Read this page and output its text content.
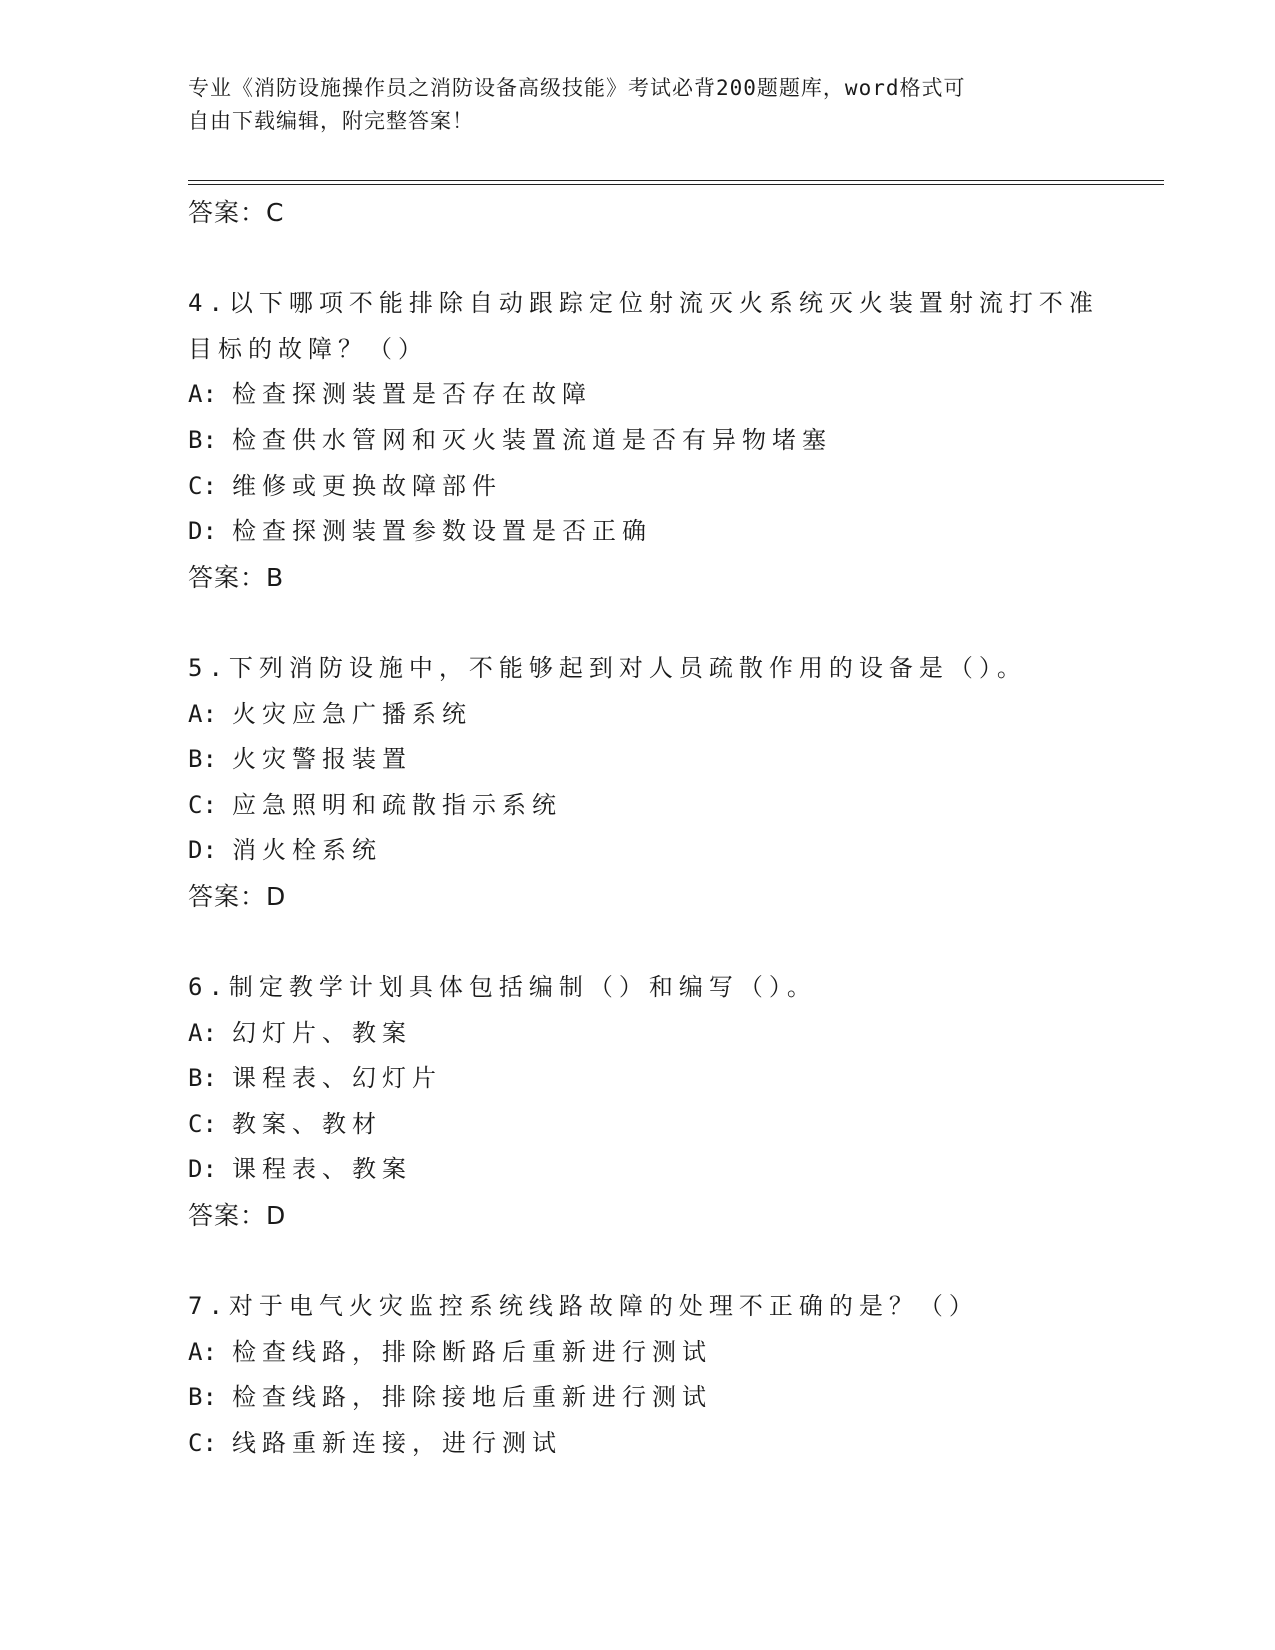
专业《消防设施操作员之消防设备高级技能》考试必背200题题库，word格式可
自由下载编辑，附完整答案！
答案：C
4.以下哪项不能排除自动跟踪定位射流灭火系统灭火装置射流打不准
目标的故障？（）
A: 检查探测装置是否存在故障
B: 检查供水管网和灭火装置流道是否有异物堵塞
C: 维修或更换故障部件
D: 检查探测装置参数设置是否正确
答案：B
5.下列消防设施中，不能够起到对人员疏散作用的设备是（）。
A: 火灾应急广播系统
B: 火灾警报装置
C: 应急照明和疏散指示系统
D: 消火栓系统
答案：D
6.制定教学计划具体包括编制（）和编写（）。
A: 幻灯片、教案
B: 课程表、幻灯片
C: 教案、教材
D: 课程表、教案
答案：D
7.对于电气火灾监控系统线路故障的处理不正确的是？（）
A: 检查线路，排除断路后重新进行测试
B: 检查线路，排除接地后重新进行测试
C: 线路重新连接，进行测试
